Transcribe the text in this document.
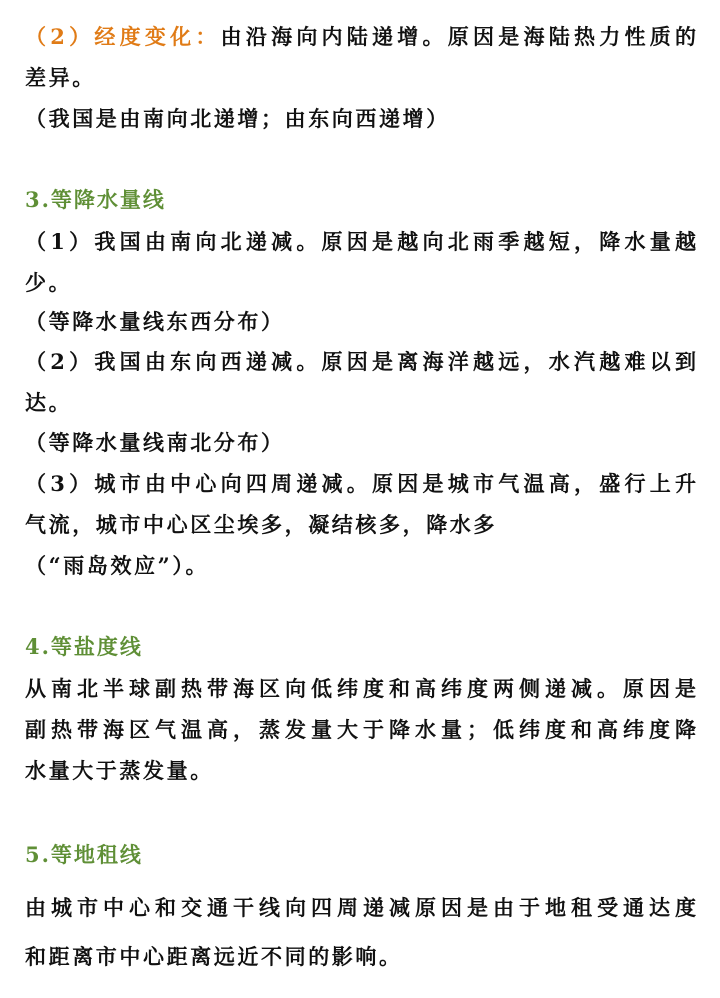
（2）经度变化：由沿海向内陆递增。原因是海陆热力性质的
差异。
（我国是由南向北递增；由东向西递增）
3.等降水量线
（1）我国由南向北递减。原因是越向北雨季越短，降水量越
少。
（等降水量线东西分布）
（2）我国由东向西递减。原因是离海洋越远，水汽越难以到
达。
（等降水量线南北分布）
（3）城市由中心向四周递减。原因是城市气温高，盛行上升
气流，城市中心区尘埃多，凝结核多，降水多
（“雨岛效应”）。
4.等盐度线
从南北半球副热带海区向低纬度和高纬度两侧递减。原因是
副热带海区气温高，蒸发量大于降水量；低纬度和高纬度降
水量大于蒸发量。
5.等地租线
由城市中心和交通干线向四周递减原因是由于地租受通达度
和距离市中心距离远近不同的影响。
